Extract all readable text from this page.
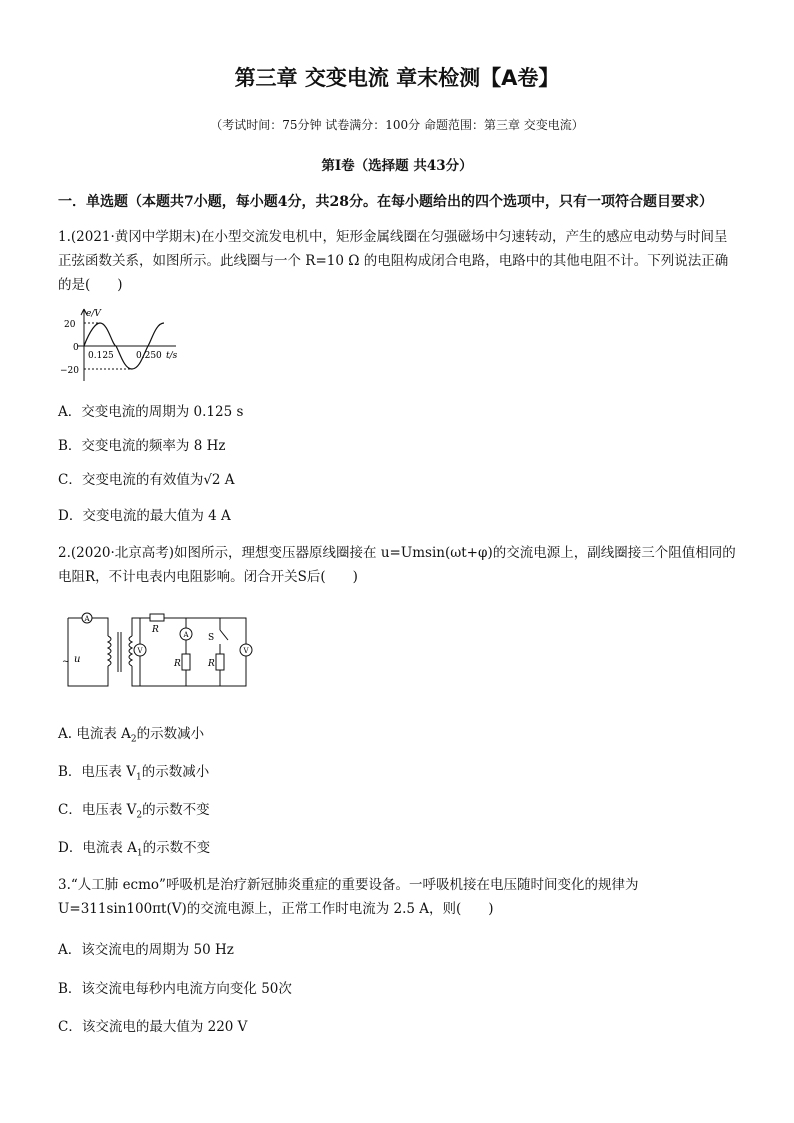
第三章 交变电流 章末检测【A卷】
（考试时间：75分钟 试卷满分：100分 命题范围：第三章 交变电流）
第Ⅰ卷（选择题 共43分）
一．单选题（本题共7小题，每小题4分，共28分。在每小题给出的四个选项中，只有一项符合题目要求）
1.(2021·黄冈中学期末)在小型交流发电机中，矩形金属线圈在匀强磁场中匀速转动，产生的感应电动势与时间呈正弦函数关系，如图所示。此线圈与一个 R=10 Ω 的电阻构成闭合电路，电路中的其他电阻不计。下列说法正确的是(　　)
e/V
20
0
−20
0.125 0.250 t/s
A．交变电流的周期为 0.125 s
B．交变电流的频率为 8 Hz
C．交变电流的有效值为√2 A
D．交变电流的最大值为 4 A
2.(2020·北京高考)如图所示，理想变压器原线圈接在 u=Umsin(ωt+φ)的交流电源上，副线圈接三个阻值相同的电阻R，不计电表内电阻影响。闭合开关S后(　　)
A
V
A
V
~ u
R
R	R
S
A. 电流表 $A_2$的示数减小
B．电压表 $V_1$的示数减小
C．电压表 $V_2$的示数不变
D．电流表 $A_1$的示数不变
3.“人工肺 ecmo”呼吸机是治疗新冠肺炎重症的重要设备。一呼吸机接在电压随时间变化的规律为 U=311sin100πt(V)的交流电源上，正常工作时电流为 2.5 A，则(　　)
A．该交流电的周期为 50 Hz
B．该交流电每秒内电流方向变化 50次
C．该交流电的最大值为 220 V
